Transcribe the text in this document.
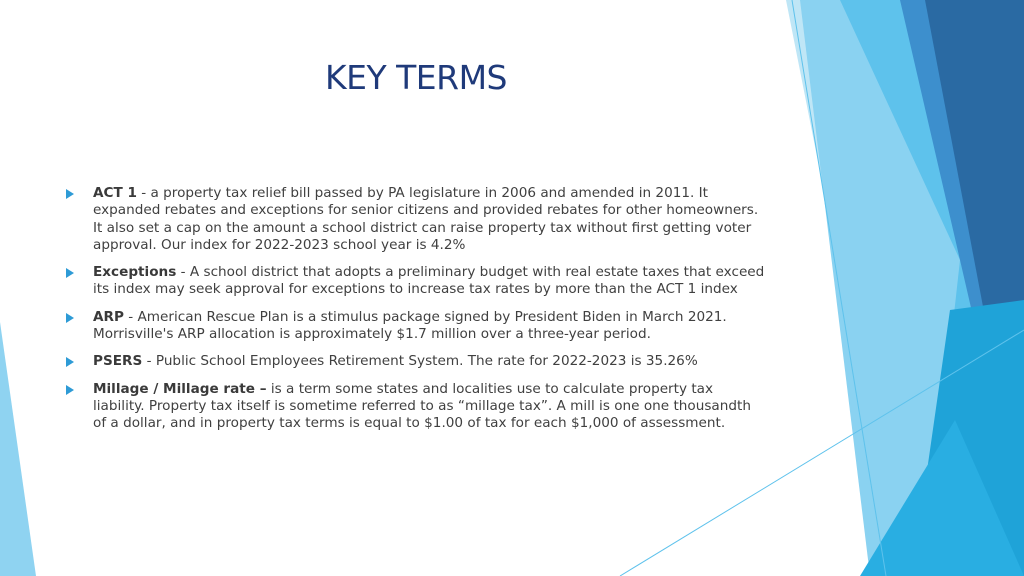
KEY TERMS
ACT 1 - a property tax relief bill passed by PA legislature in 2006 and amended in 2011. It expanded rebates and exceptions for senior citizens and provided rebates for other homeowners. It also set a cap on the amount a school district can raise property tax without first getting voter approval. Our index for 2022-2023 school year is 4.2%
Exceptions - A school district that adopts a preliminary budget with real estate taxes that exceed its index may seek approval for exceptions to increase tax rates by more than the ACT 1 index
ARP - American Rescue Plan is a stimulus package signed by President Biden in March 2021. Morrisville's ARP allocation is approximately $1.7 million over a three-year period.
PSERS - Public School Employees Retirement System. The rate for 2022-2023 is 35.26%
Millage / Millage rate – is a term some states and localities use to calculate property tax liability. Property tax itself is sometime referred to as “millage tax”. A mill is one one thousandth of a dollar, and in property tax terms is equal to $1.00 of tax for each $1,000 of assessment.
